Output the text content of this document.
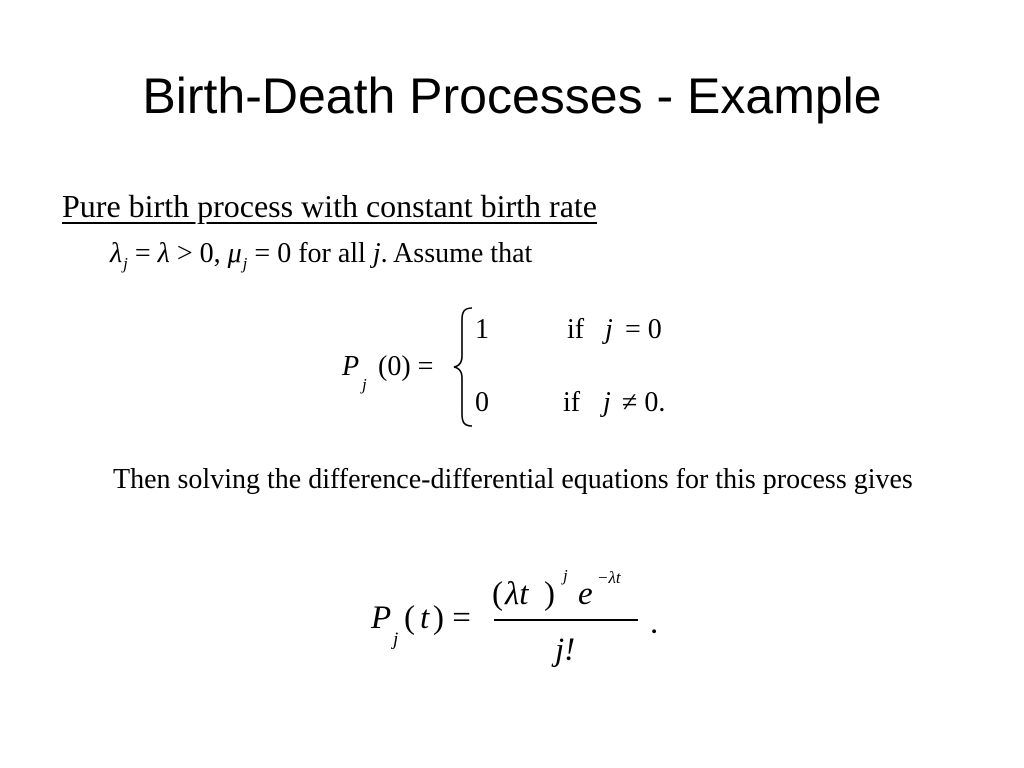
Birth-Death Processes - Example
Pure birth process with constant birth rate
$\lambda_j = \lambda > 0$, $\mu_j = 0$ for all j. Assume that
P
j
(0) =
1	if j = 0
0	if j ≠ 0.
Then solving the difference-differential equations for this process gives
P
j
( t ) =
( λt )
j
e −λt
j!
.
